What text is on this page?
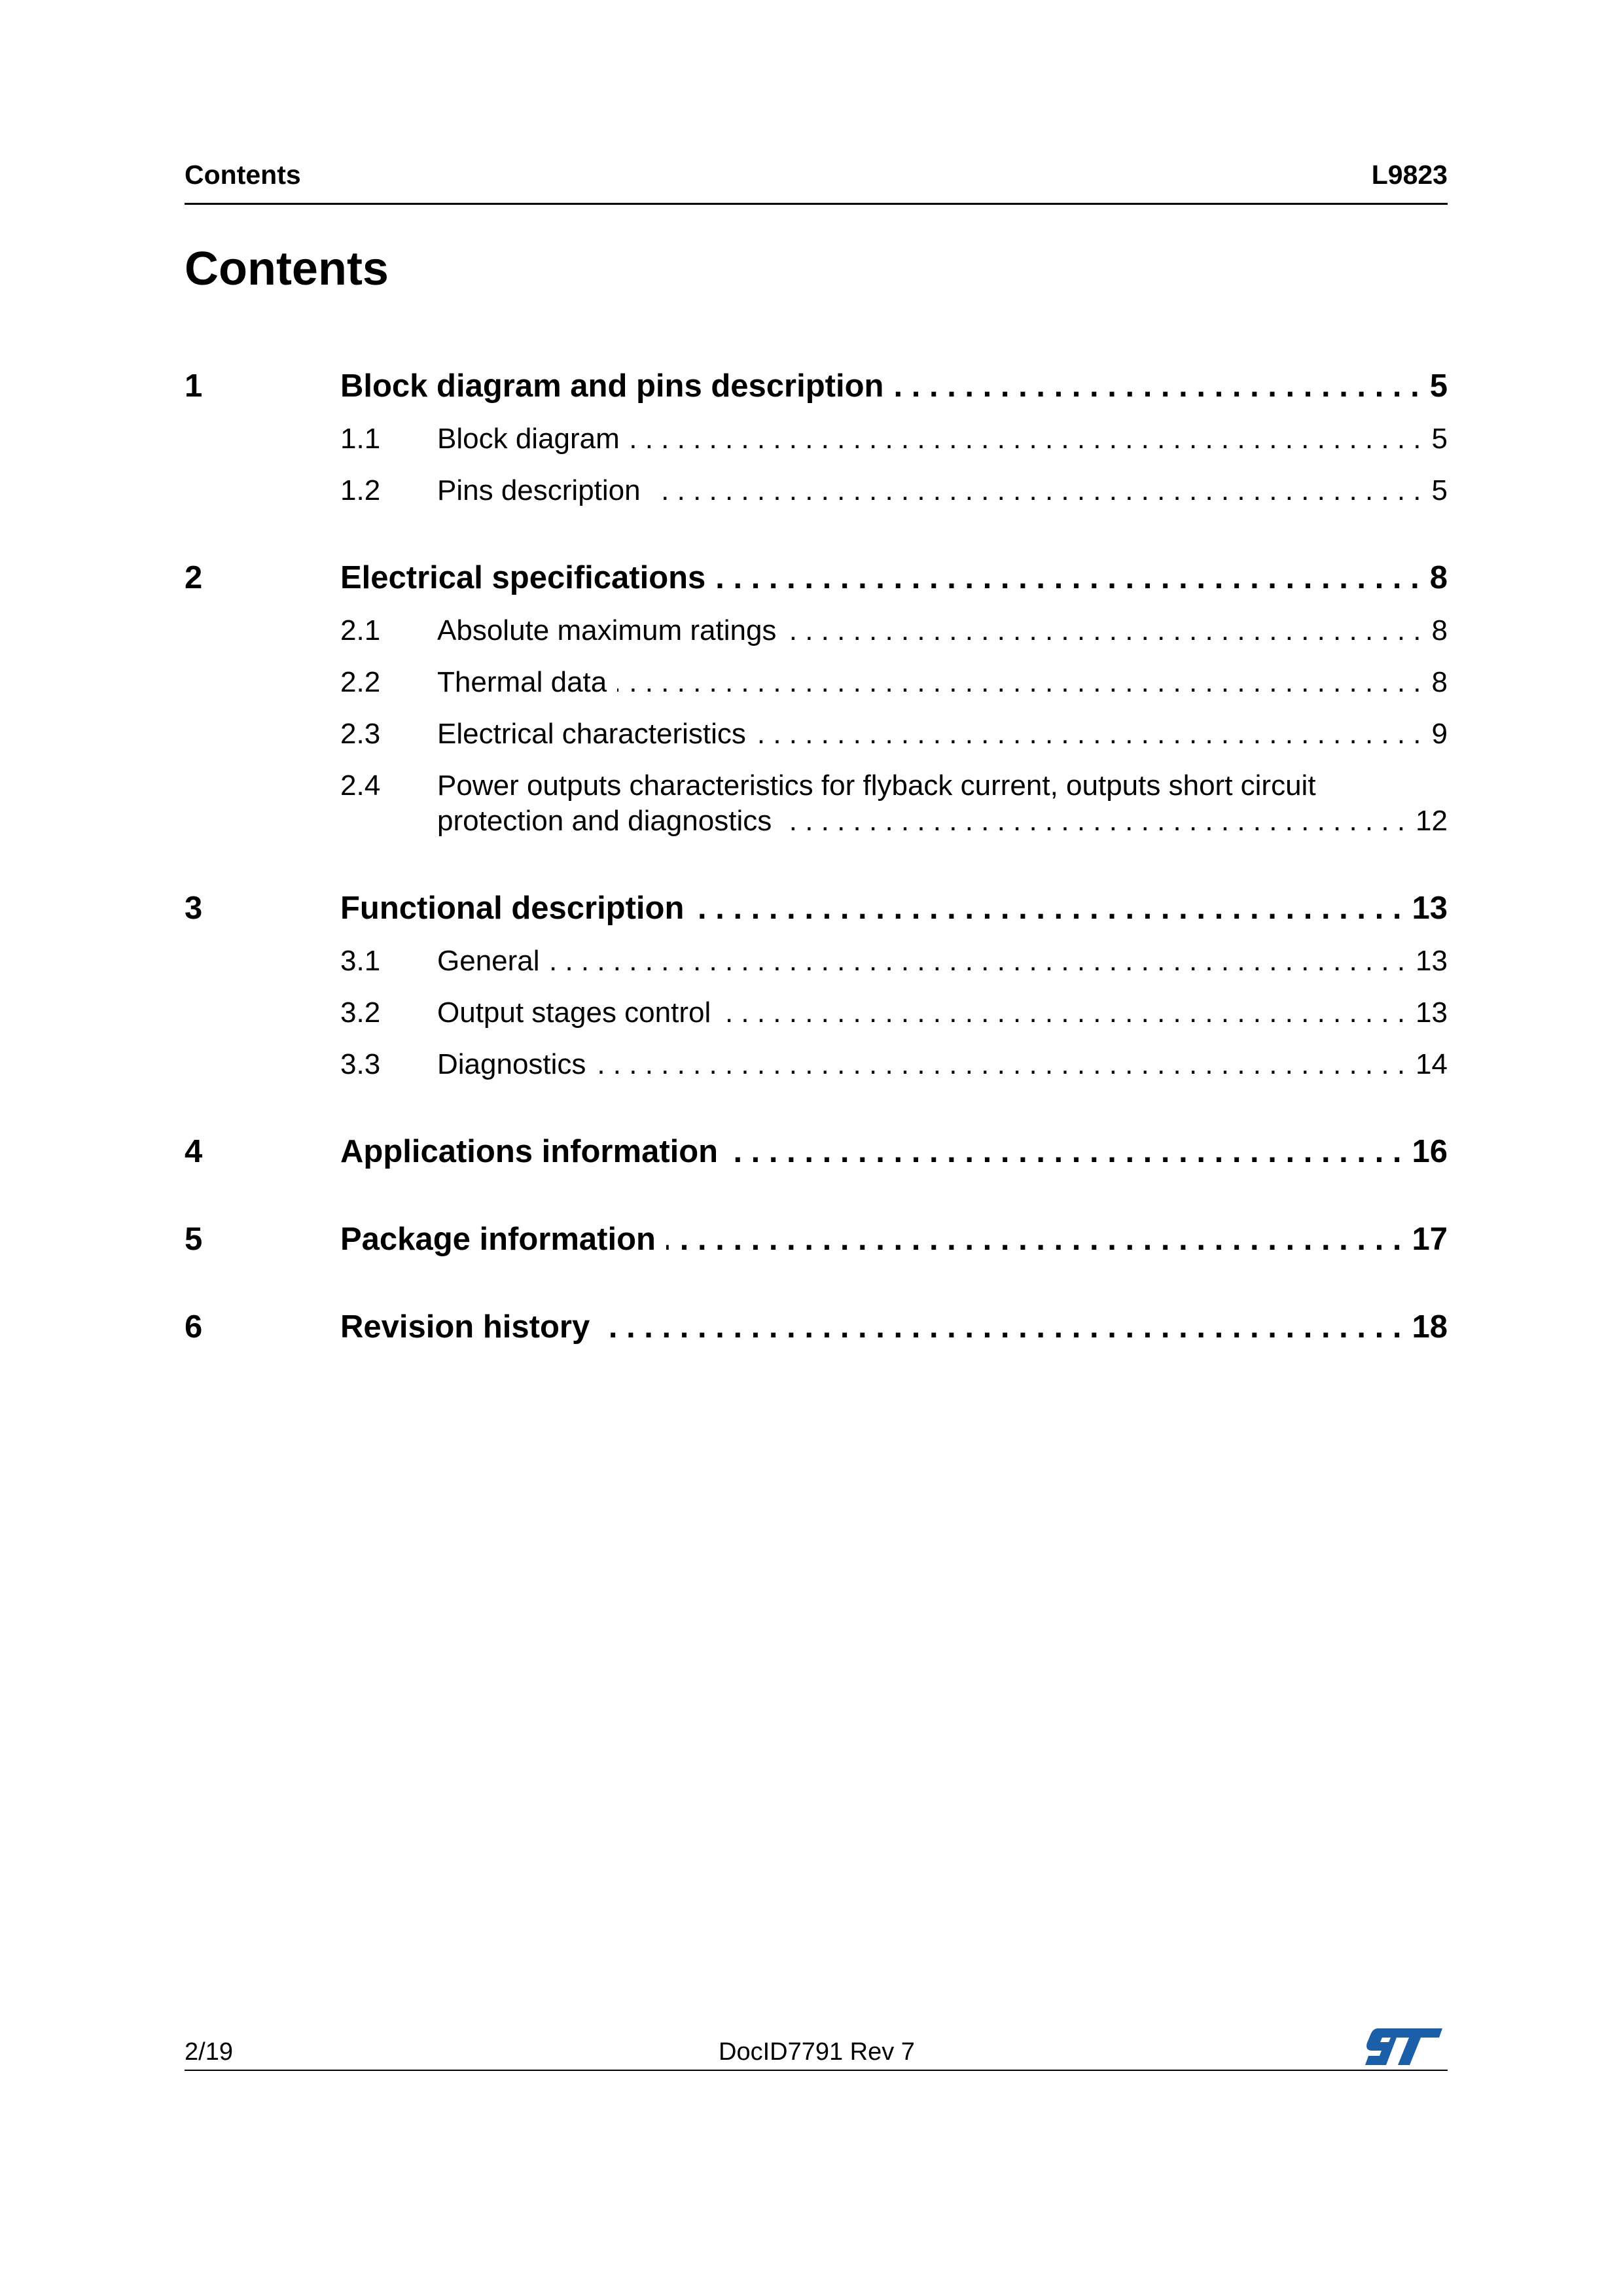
Contents	L9823
Contents
1	Block diagram and pins description . . .	5
1.1 Block diagram . . .	5
1.2 Pins description . . .	5
2	Electrical specifications . . .	8
2.1 Absolute maximum ratings . . .	8
2.2 Thermal data . . .	8
2.3 Electrical characteristics . . .	9
2.4 Power outputs characteristics for flyback current, outputs short circuit
protection and diagnostics . . .	12
3	Functional description . . .	13
3.1 General . . .	13
3.2 Output stages control . . .	13
3.3 Diagnostics . . .	14
4	Applications information . . .	16
5	Package information . . .	17
6	Revision history . . .	18
2/19	DocID7791 Rev 7
